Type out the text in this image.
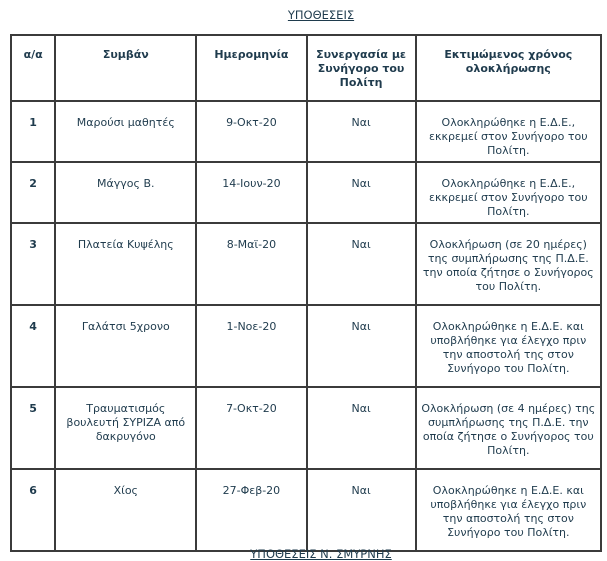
ΥΠΟΘΕΣΕΙΣ
α/α	Συμβάν	Ημερομηνία	Συνεργασία με Συνήγορο του Πολίτη	Εκτιμώμενος χρόνος ολοκλήρωσης
1	Μαρούσι μαθητές	9-Οκτ-20	Ναι	Ολοκληρώθηκε η Ε.Δ.Ε., εκκρεμεί στον Συνήγορο του Πολίτη.
2	Μάγγος Β.	14-Ιουν-20	Ναι	Ολοκληρώθηκε η Ε.Δ.Ε., εκκρεμεί στον Συνήγορο του Πολίτη.
3	Πλατεία Κυψέλης	8-Μαϊ-20	Ναι	Ολοκλήρωση (σε 20 ημέρες) της συμπλήρωσης της Π.Δ.Ε. την οποία ζήτησε ο Συνήγορος του Πολίτη.
4	Γαλάτσι 5χρονο	1-Νοε-20	Ναι	Ολοκληρώθηκε η Ε.Δ.Ε. και υποβλήθηκε για έλεγχο πριν την αποστολή της στον Συνήγορο του Πολίτη.
5	Τραυματισμός βουλευτή ΣΥΡΙΖΑ από δακρυγόνο	7-Οκτ-20	Ναι	Ολοκλήρωση (σε 4 ημέρες) της συμπλήρωσης της Π.Δ.Ε. την οποία ζήτησε ο Συνήγορος του Πολίτη.
6	Χίος	27-Φεβ-20	Ναι	Ολοκληρώθηκε η Ε.Δ.Ε. και υποβλήθηκε για έλεγχο πριν την αποστολή της στον Συνήγορο του Πολίτη.
ΥΠΟΘΕΣΕΙΣ Ν. ΣΜΥΡΝΗΣ
